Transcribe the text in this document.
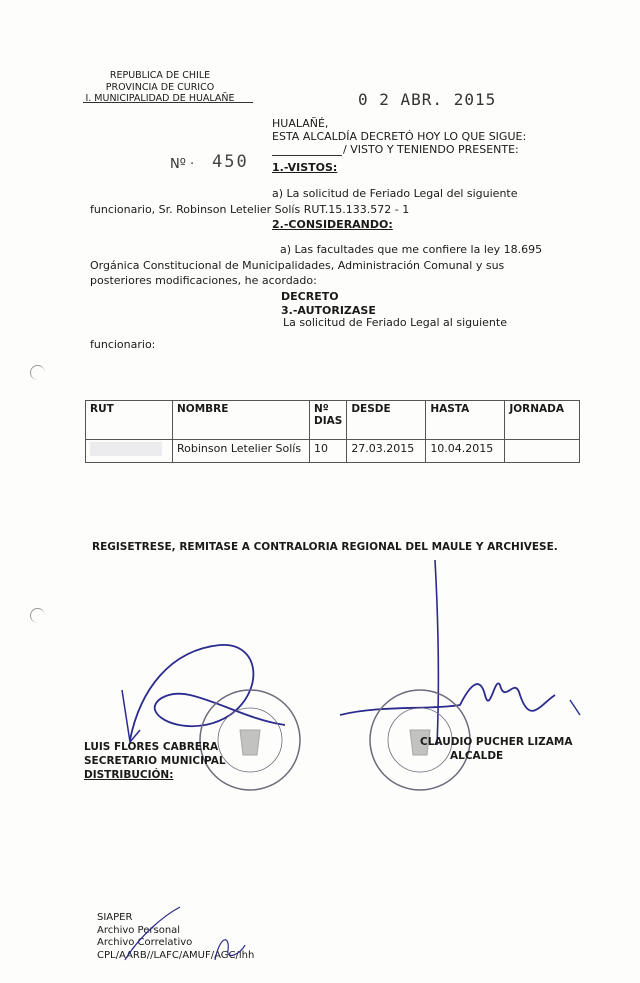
REPUBLICA DE CHILE
PROVINCIA DE CURICO
I. MUNICIPALIDAD DE HUALAÑE	0 2 ABR. 2015
Nº · 450
HUALAÑÉ,
ESTA ALCALDÍA DECRETÓ HOY LO QUE SIGUE:
/ VISTO Y TENIENDO PRESENTE:
1.-VISTOS:
a) La solicitud de Feriado Legal del siguiente
funcionario, Sr. Robinson Letelier Solís RUT.15.133.572 - 1
2.-CONSIDERANDO:
a) Las facultades que me confiere la ley 18.695
Orgánica Constitucional de Municipalidades, Administración Comunal y sus
posteriores modificaciones, he acordado:
DECRETO
3.-AUTORIZASE
La solicitud de Feriado Legal al siguiente
funcionario:
RUT	NOMBRE	Nº DIAS	DESDE	HASTA	JORNADA

	Robinson Letelier Solís	10	27.03.2015	10.04.2015	
REGISETRESE, REMITASE A CONTRALORIA REGIONAL DEL MAULE Y ARCHIVESE.
LUIS FLORES CABRERA
SECRETARIO MUNICIPAL
DISTRIBUCIÓN:
CLAUDIO PUCHER LIZAMA
ALCALDE
SIAPER
Archivo Personal
Archivo Correlativo
CPL/AARB//LAFC/AMUF/AGC/lhh
